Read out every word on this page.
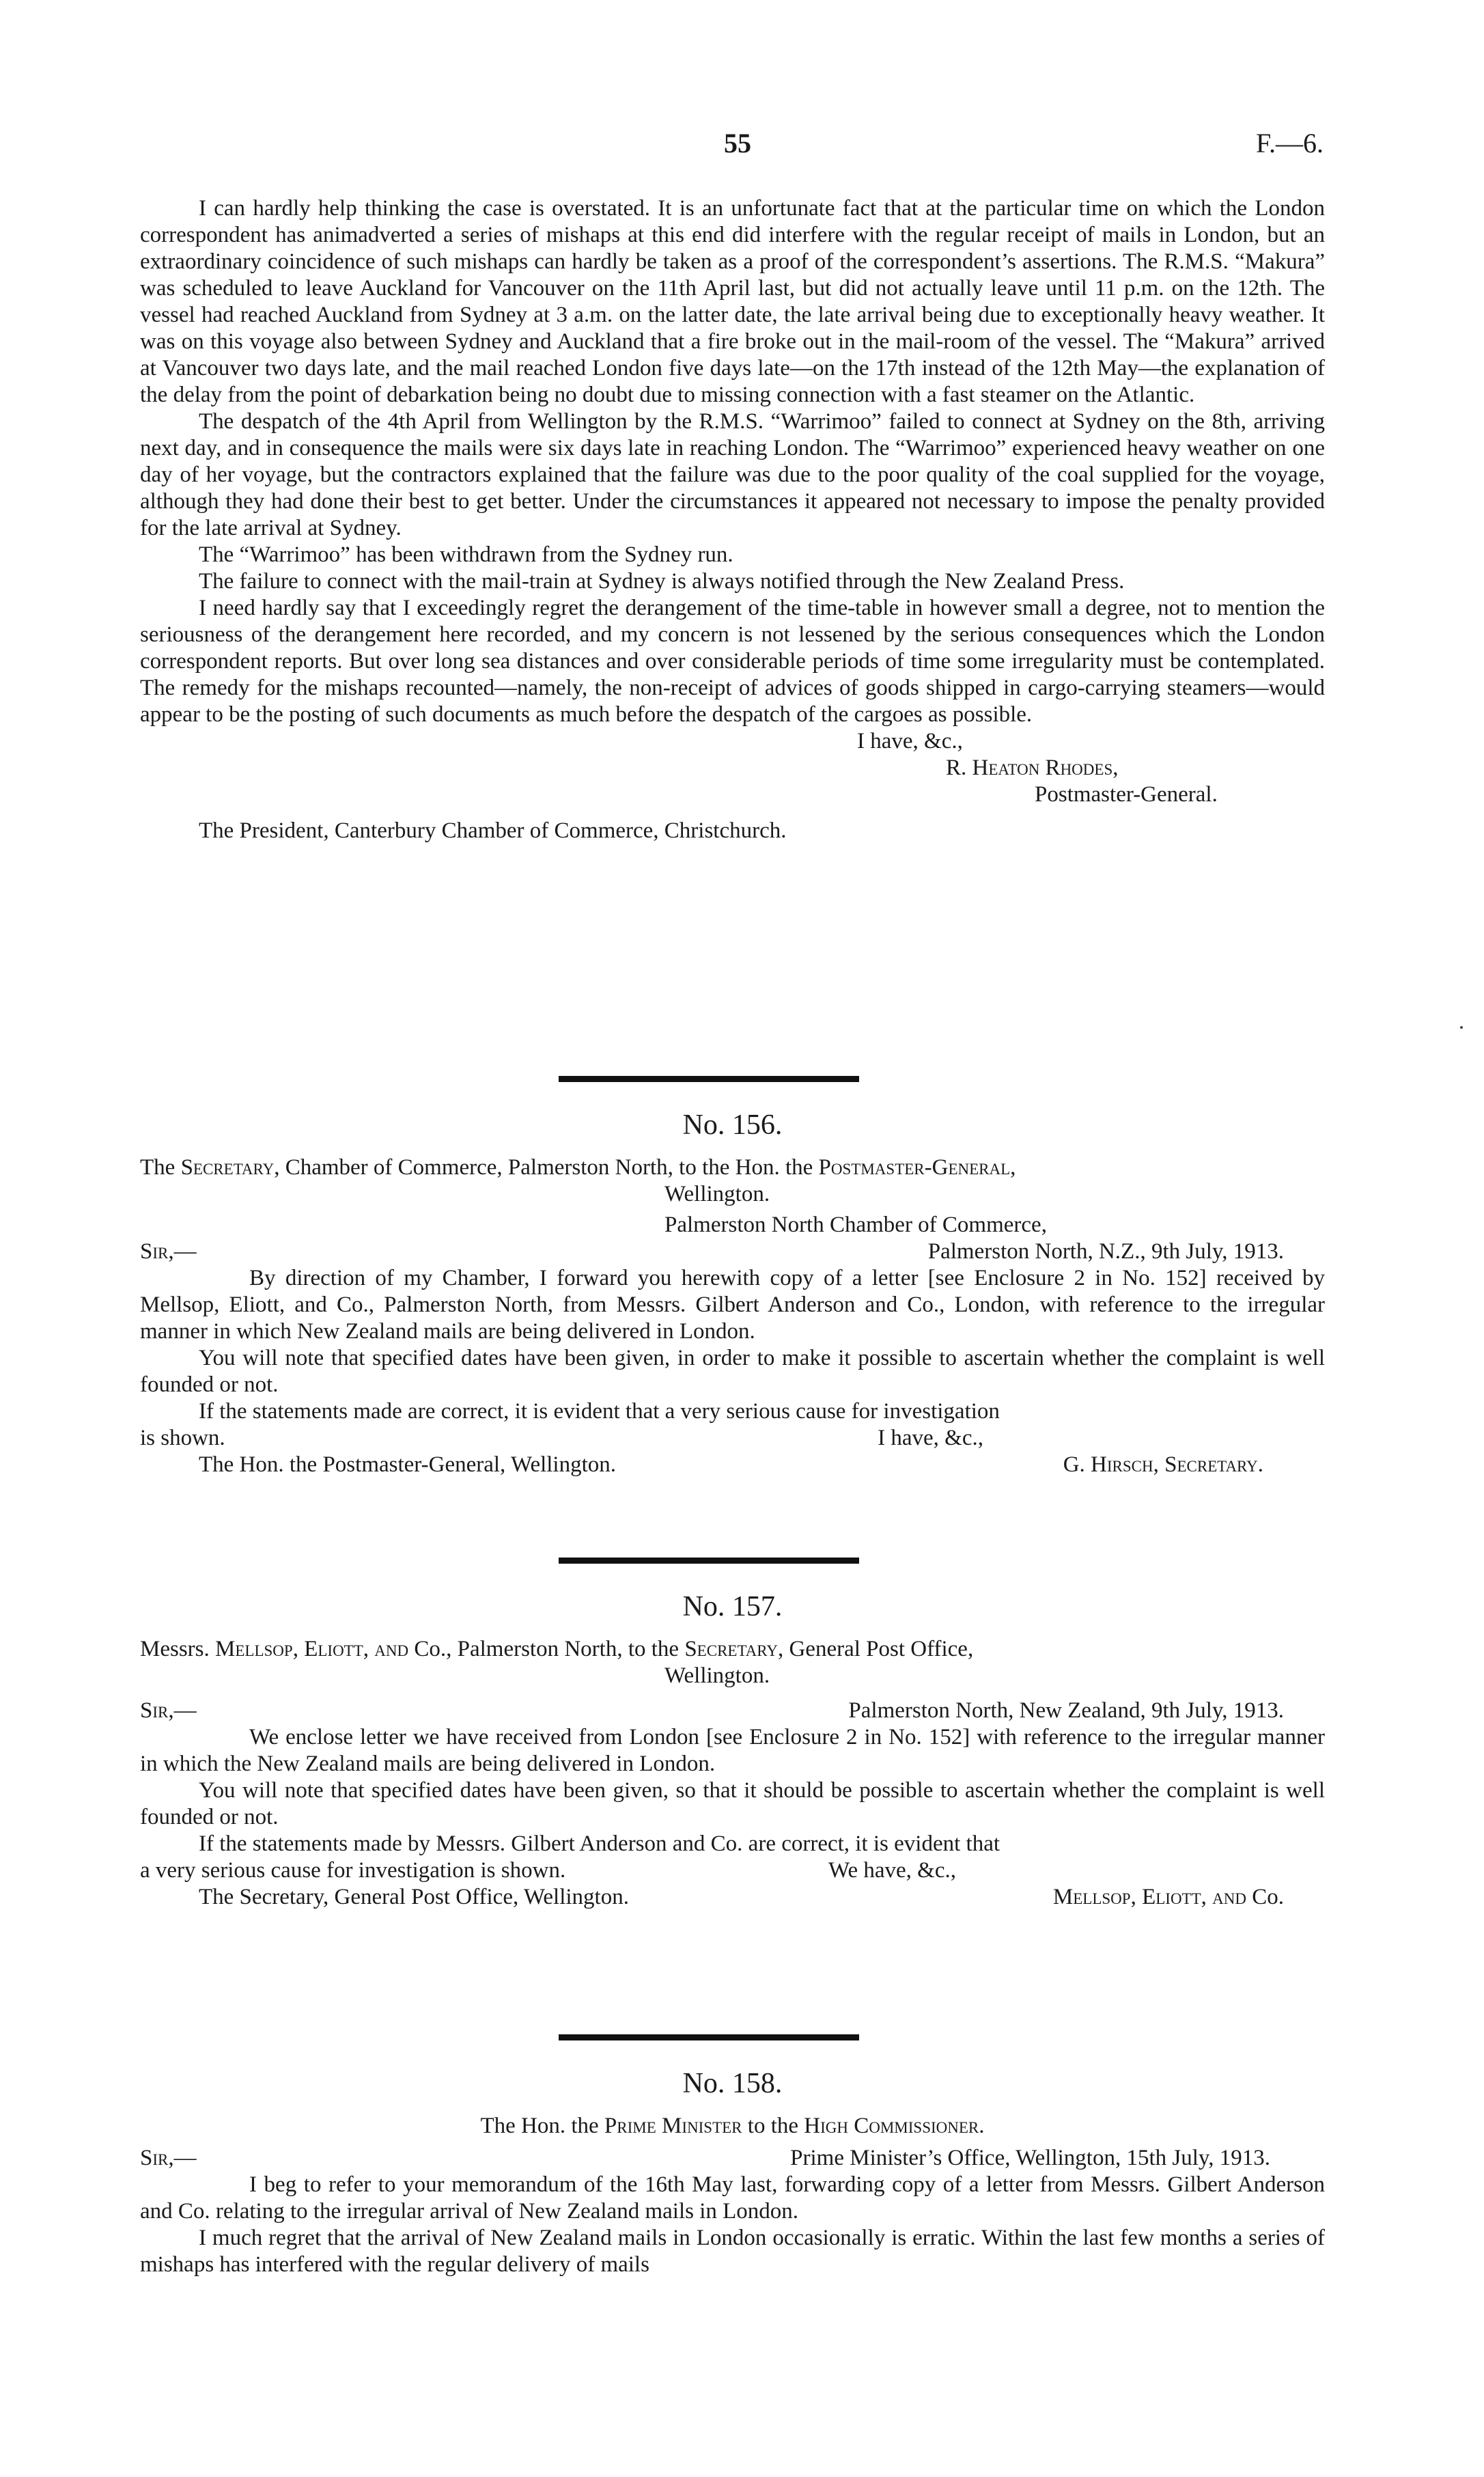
55	F.—6.

I can hardly help thinking the case is overstated. It is an unfortunate fact that at the particular time on which the London correspondent has animadverted a series of mishaps at this end did interfere with the regular receipt of mails in London, but an extraordinary coincidence of such mishaps can hardly be taken as a proof of the correspondent’s assertions. The R.M.S. “Makura” was scheduled to leave Auckland for Vancouver on the 11th April last, but did not actually leave until 11 p.m. on the 12th. The vessel had reached Auckland from Sydney at 3 a.m. on the latter date, the late arrival being due to exceptionally heavy weather. It was on this voyage also between Sydney and Auckland that a fire broke out in the mail-room of the vessel. The “Makura” arrived at Vancouver two days late, and the mail reached London five days late—on the 17th instead of the 12th May—the explanation of the delay from the point of debarkation being no doubt due to missing connection with a fast steamer on the Atlantic.

The despatch of the 4th April from Wellington by the R.M.S. “Warrimoo” failed to connect at Sydney on the 8th, arriving next day, and in consequence the mails were six days late in reaching London. The “Warrimoo” experienced heavy weather on one day of her voyage, but the contractors explained that the failure was due to the poor quality of the coal supplied for the voyage, although they had done their best to get better. Under the circumstances it appeared not necessary to impose the penalty provided for the late arrival at Sydney.

The “Warrimoo” has been withdrawn from the Sydney run.

The failure to connect with the mail-train at Sydney is always notified through the New Zealand Press.

I need hardly say that I exceedingly regret the derangement of the time-table in however small a degree, not to mention the seriousness of the derangement here recorded, and my concern is not lessened by the serious consequences which the London correspondent reports. But over long sea distances and over considerable periods of time some irregularity must be contemplated. The remedy for the mishaps recounted—namely, the non-receipt of advices of goods shipped in cargo-carrying steamers—would appear to be the posting of such documents as much before the despatch of the cargoes as possible.

I have, &c.,
R. Heaton Rhodes,
Postmaster-General.
The President, Canterbury Chamber of Commerce, Christchurch.
No. 156.

The Secretary, Chamber of Commerce, Palmerston North, to the Hon. the Postmaster-General,

Wellington.
Palmerston North Chamber of Commerce,
Sir,—	Palmerston North, N.Z., 9th July, 1913.

By direction of my Chamber, I forward you herewith copy of a letter [see Enclosure 2 in No. 152] received by Mellsop, Eliott, and Co., Palmerston North, from Messrs. Gilbert Anderson and Co., London, with reference to the irregular manner in which New Zealand mails are being delivered in London.

You will note that specified dates have been given, in order to make it possible to ascertain whether the complaint is well founded or not.

If the statements made are correct, it is evident that a very serious cause for investigation

is shown.	I have, &c.,
The Hon. the Postmaster-General, Wellington.	G. Hirsch, Secretary.
No. 157.

Messrs. Mellsop, Eliott, and Co., Palmerston North, to the Secretary, General Post Office,

Wellington.
Sir,—	Palmerston North, New Zealand, 9th July, 1913.

We enclose letter we have received from London [see Enclosure 2 in No. 152] with reference to the irregular manner in which the New Zealand mails are being delivered in London.

You will note that specified dates have been given, so that it should be possible to ascertain whether the complaint is well founded or not.

If the statements made by Messrs. Gilbert Anderson and Co. are correct, it is evident that

a very serious cause for investigation is shown.	We have, &c.,
The Secretary, General Post Office, Wellington.	Mellsop, Eliott, and Co.
No. 158.
The Hon. the Prime Minister to the High Commissioner.
Sir,—	Prime Minister’s Office, Wellington, 15th July, 1913.

I beg to refer to your memorandum of the 16th May last, forwarding copy of a letter from Messrs. Gilbert Anderson and Co. relating to the irregular arrival of New Zealand mails in London.

I much regret that the arrival of New Zealand mails in London occasionally is erratic. Within the last few months a series of mishaps has interfered with the regular delivery of mails
